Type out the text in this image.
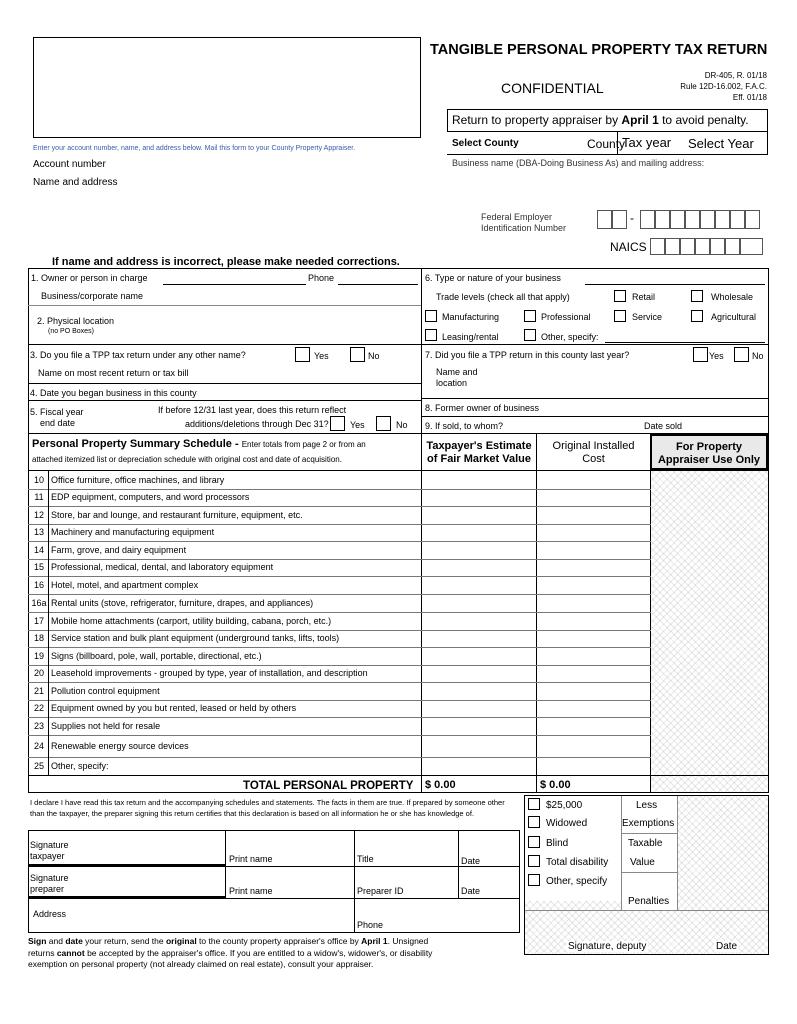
TANGIBLE PERSONAL PROPERTY TAX RETURN
CONFIDENTIAL
DR-405, R. 01/18
Rule 12D-16.002, F.A.C.
Eff. 01/18
Return to property appraiser by April 1 to avoid penalty.
Select County	County
Tax year Select Year
Business name (DBA-Doing Business As) and mailing address:
Enter your account number, name, and address below. Mail this form to your County Property Appraiser.
Account number
Name and address
Federal Employer
Identification Number
-
NAICS
If name and address is incorrect, please make needed corrections.
1. Owner or person in charge	Phone
Business/corporate name
2. Physical location
(no PO Boxes)
3. Do you file a TPP tax return under any other name?	Yes	No
Name on most recent return or tax bill
4. Date you began business in this county
5. Fiscal year
end date
If before 12/31 last year, does this return reflect
additions/deletions through Dec 31? Yes	No
6. Type or nature of your business
Trade levels (check all that apply)	Retail	Wholesale
Manufacturing	Professional	Service	Agricultural
Leasing/rental	Other, specify:
7. Did you file a TPP return in this county last year?	Yes	No
Name and
location
8. Former owner of business
9. If sold, to whom?	Date sold
Personal Property Summary Schedule - Enter totals from page 2 or from an
attached itemized list or depreciation schedule with original cost and date of acquisition.
Taxpayer's Estimate
of Fair Market Value
Original Installed
Cost
For Property
Appraiser Use Only
10 Office furniture, office machines, and library
11 EDP equipment, computers, and word processors
12 Store, bar and lounge, and restaurant furniture, equipment, etc.
13 Machinery and manufacturing equipment
14 Farm, grove, and dairy equipment
15 Professional, medical, dental, and laboratory equipment
16 Hotel, motel, and apartment complex
16a Rental units (stove, refrigerator, furniture, drapes, and appliances)
17 Mobile home attachments (carport, utility building, cabana, porch, etc.)
18 Service station and bulk plant equipment (underground tanks, lifts, tools)
19 Signs (billboard, pole, wall, portable, directional, etc.)
20 Leasehold improvements - grouped by type, year of installation, and description
21 Pollution control equipment
22 Equipment owned by you but rented, leased or held by others
23 Supplies not held for resale
24 Renewable energy source devices
25 Other, specify:
TOTAL PERSONAL PROPERTY $ 0.00	$ 0.00
I declare I have read this tax return and the accompanying schedules and statements. The facts in them are true. If prepared by someone other than the taxpayer, the preparer signing this return certifies that this declaration is based on all information he or she has knowledge of.
Signature
taxpayer	Print name	Title	Date
Signature
preparer	Print name	Preparer ID	Date
Address
Phone
Sign and date your return, send the original to the county property appraiser's office by April 1. Unsigned
returns cannot be accepted by the appraiser's office. If you are entitled to a widow's, widower's, or disability
exemption on personal property (not already claimed on real estate), consult your appraiser.
$25,000
Widowed
Blind
Total disability
Other, specify
Less
Exemptions
Taxable
Value
Penalties
Signature, deputy	Date
